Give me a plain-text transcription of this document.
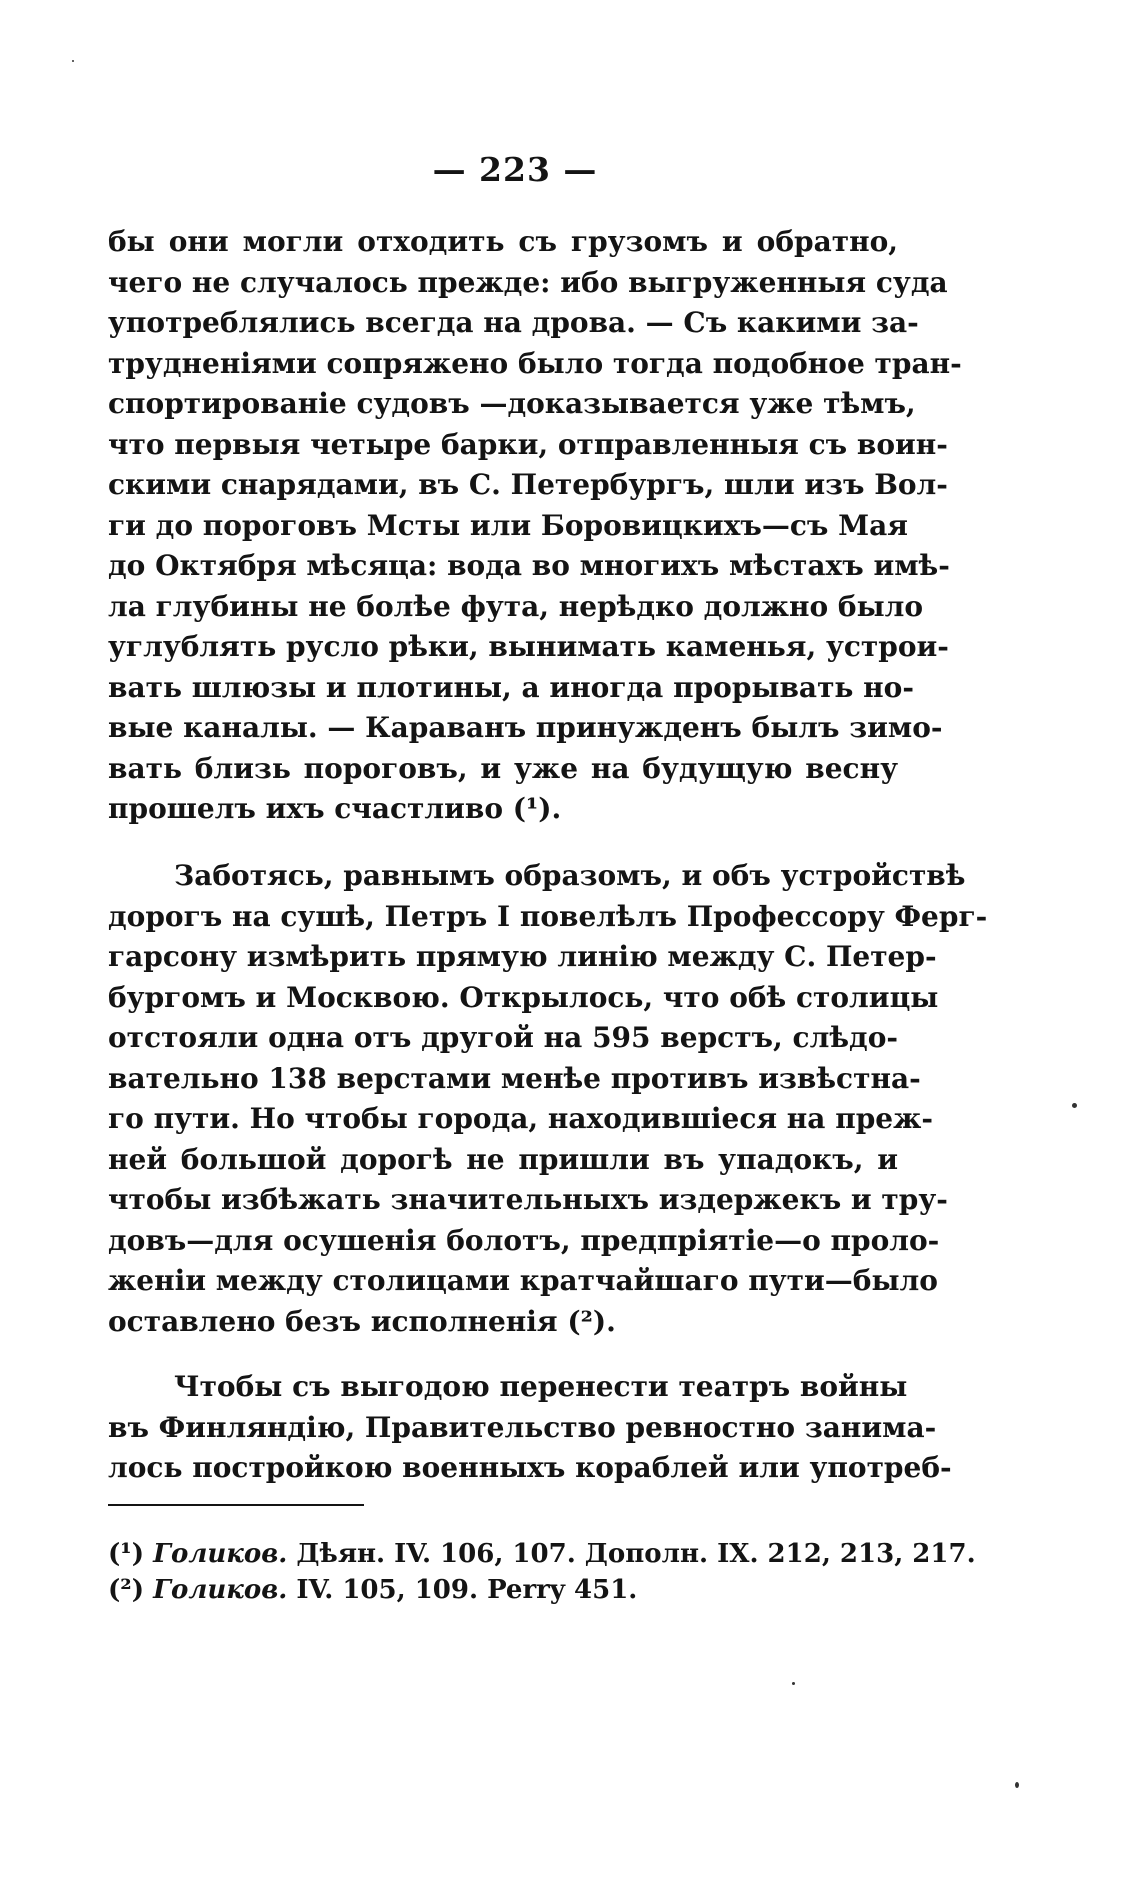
— 223 —
бы они могли отходить съ грузомъ и обратно,
чего не случалось прежде: ибо выгруженныя суда
употреблялись всегда на дрова. — Съ какими за-
трудненіями сопряжено было тогда подобное тран-
спортированіе судовъ —доказывается уже тѣмъ,
что первыя четыре барки, отправленныя съ воин-
скими снарядами, въ С. Петербургъ, шли изъ Вол-
ги до пороговъ Мсты или Боровицкихъ—съ Мая
до Октября мѣсяца: вода во многихъ мѣстахъ имѣ-
ла глубины не болѣе фута, нерѣдко должно было
углублять русло рѣки, вынимать каменья, устрои-
вать шлюзы и плотины, а иногда прорывать но-
вые каналы. — Караванъ принужденъ былъ зимо-
вать близь пороговъ, и уже на будущую весну
прошелъ ихъ счастливо (¹).
Заботясь, равнымъ образомъ, и объ устройствѣ
дорогъ на сушѣ, Петръ I повелѣлъ Профессору Ферг-
гарсону измѣрить прямую линію между С. Петер-
бургомъ и Москвою. Открылось, что обѣ столицы
отстояли одна отъ другой на 595 верстъ, слѣдо-
вательно 138 верстами менѣе противъ извѣстна-
го пути. Но чтобы города, находившіеся на преж-
ней большой дорогѣ не пришли въ упадокъ, и
чтобы избѣжать значительныхъ издержекъ и тру-
довъ—для осушенія болотъ, предпріятіе—о проло-
женіи между столицами кратчайшаго пути—было
оставлено безъ исполненія (²).
Чтобы съ выгодою перенести театръ войны
въ Финляндію, Правительство ревностно занима-
лось постройкою военныхъ кораблей или употреб-
(¹) Голиков. Дѣян. IV. 106, 107. Дополн. IX. 212, 213, 217.
(²) Голиков. IV. 105, 109. Perry 451.
